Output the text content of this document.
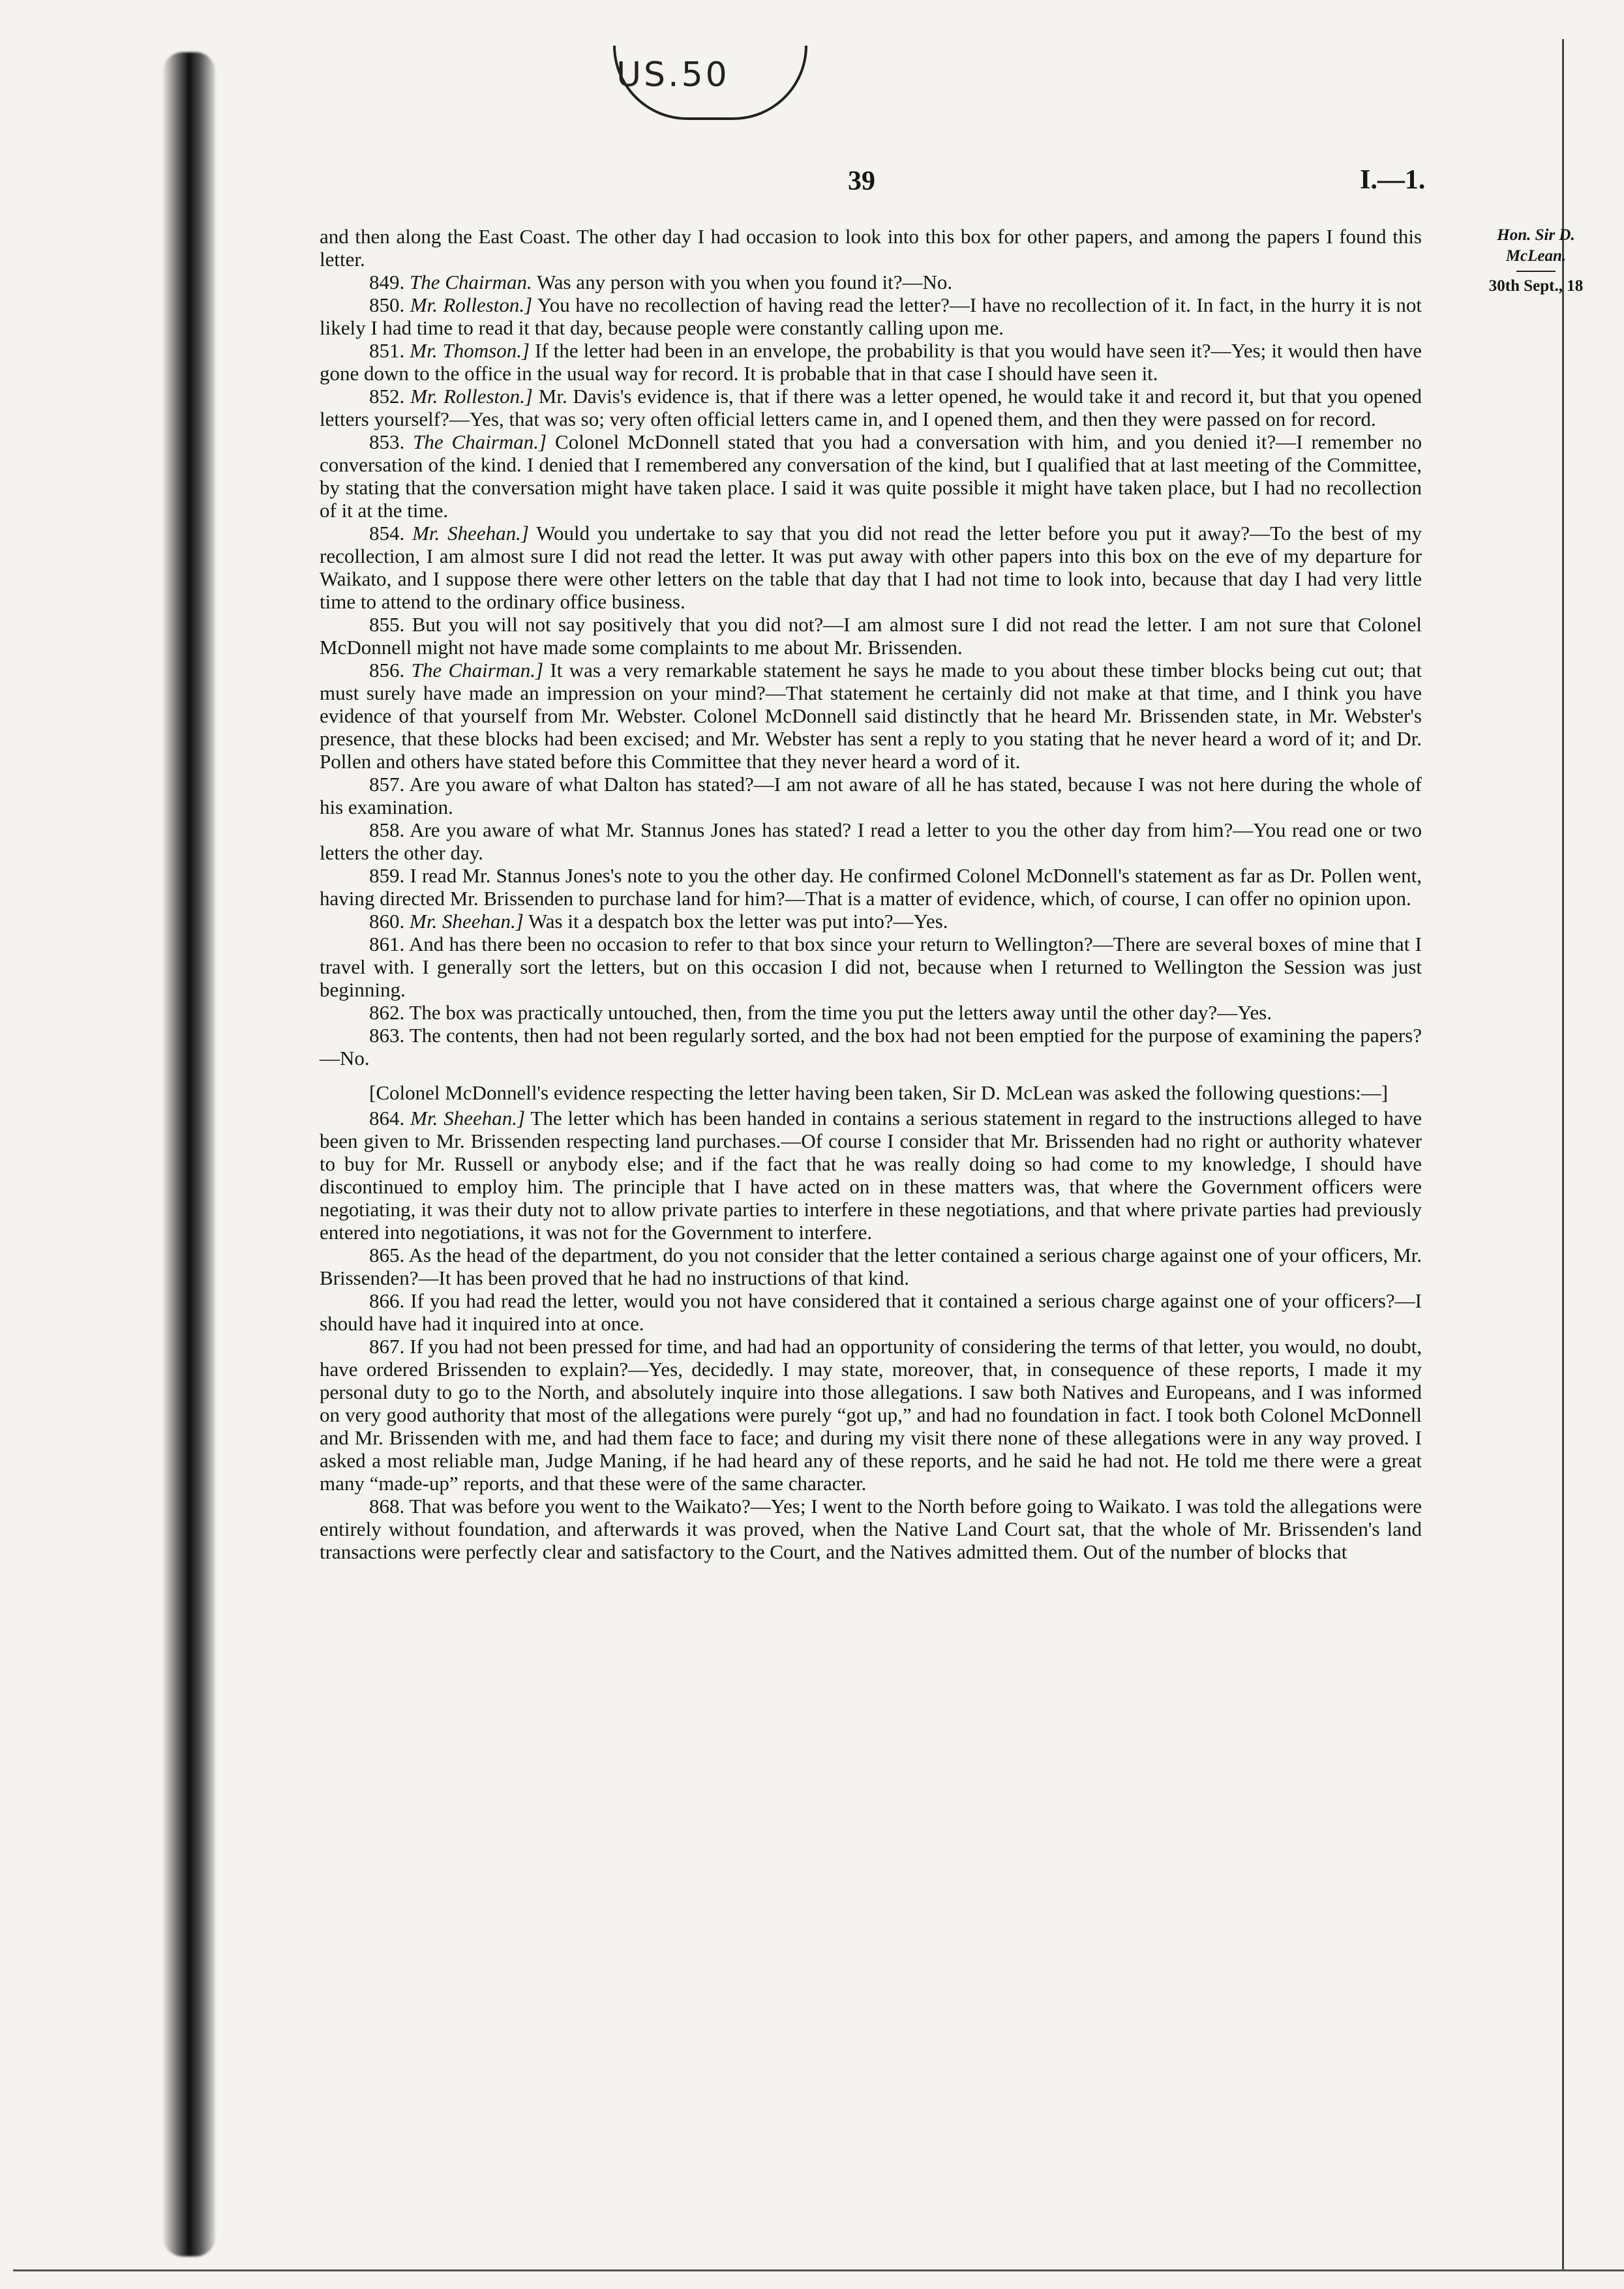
US.50
39	I.—1.
Hon. Sir D.
McLean.
30th Sept., 18

and then along the East Coast. The other day I had occasion to look into this box for other papers, and among the papers I found this letter.

849. The Chairman. Was any person with you when you found it?—No.

850. Mr. Rolleston.] You have no recollection of having read the letter?—I have no recollection of it. In fact, in the hurry it is not likely I had time to read it that day, because people were constantly calling upon me.

851. Mr. Thomson.] If the letter had been in an envelope, the probability is that you would have seen it?—Yes; it would then have gone down to the office in the usual way for record. It is probable that in that case I should have seen it.

852. Mr. Rolleston.] Mr. Davis's evidence is, that if there was a letter opened, he would take it and record it, but that you opened letters yourself?—Yes, that was so; very often official letters came in, and I opened them, and then they were passed on for record.

853. The Chairman.] Colonel McDonnell stated that you had a conversation with him, and you denied it?—I remember no conversation of the kind. I denied that I remembered any conversation of the kind, but I qualified that at last meeting of the Committee, by stating that the conversation might have taken place. I said it was quite possible it might have taken place, but I had no recollection of it at the time.

854. Mr. Sheehan.] Would you undertake to say that you did not read the letter before you put it away?—To the best of my recollection, I am almost sure I did not read the letter. It was put away with other papers into this box on the eve of my departure for Waikato, and I suppose there were other letters on the table that day that I had not time to look into, because that day I had very little time to attend to the ordinary office business.

855. But you will not say positively that you did not?—I am almost sure I did not read the letter. I am not sure that Colonel McDonnell might not have made some complaints to me about Mr. Brissenden.

856. The Chairman.] It was a very remarkable statement he says he made to you about these timber blocks being cut out; that must surely have made an impression on your mind?—That statement he certainly did not make at that time, and I think you have evidence of that yourself from Mr. Webster. Colonel McDonnell said distinctly that he heard Mr. Brissenden state, in Mr. Webster's presence, that these blocks had been excised; and Mr. Webster has sent a reply to you stating that he never heard a word of it; and Dr. Pollen and others have stated before this Committee that they never heard a word of it.

857. Are you aware of what Dalton has stated?—I am not aware of all he has stated, because I was not here during the whole of his examination.

858. Are you aware of what Mr. Stannus Jones has stated? I read a letter to you the other day from him?—You read one or two letters the other day.

859. I read Mr. Stannus Jones's note to you the other day. He confirmed Colonel McDonnell's statement as far as Dr. Pollen went, having directed Mr. Brissenden to purchase land for him?—That is a matter of evidence, which, of course, I can offer no opinion upon.

860. Mr. Sheehan.] Was it a despatch box the letter was put into?—Yes.

861. And has there been no occasion to refer to that box since your return to Wellington?—There are several boxes of mine that I travel with. I generally sort the letters, but on this occasion I did not, because when I returned to Wellington the Session was just beginning.

862. The box was practically untouched, then, from the time you put the letters away until the other day?—Yes.

863. The contents, then had not been regularly sorted, and the box had not been emptied for the purpose of examining the papers?—No.

[Colonel McDonnell's evidence respecting the letter having been taken, Sir D. McLean was asked the following questions:—]

864. Mr. Sheehan.] The letter which has been handed in contains a serious statement in regard to the instructions alleged to have been given to Mr. Brissenden respecting land purchases.—Of course I consider that Mr. Brissenden had no right or authority whatever to buy for Mr. Russell or anybody else; and if the fact that he was really doing so had come to my knowledge, I should have discontinued to employ him. The principle that I have acted on in these matters was, that where the Government officers were negotiating, it was their duty not to allow private parties to interfere in these negotiations, and that where private parties had previously entered into negotiations, it was not for the Government to interfere.

865. As the head of the department, do you not consider that the letter contained a serious charge against one of your officers, Mr. Brissenden?—It has been proved that he had no instructions of that kind.

866. If you had read the letter, would you not have considered that it contained a serious charge against one of your officers?—I should have had it inquired into at once.

867. If you had not been pressed for time, and had had an opportunity of considering the terms of that letter, you would, no doubt, have ordered Brissenden to explain?—Yes, decidedly. I may state, moreover, that, in consequence of these reports, I made it my personal duty to go to the North, and absolutely inquire into those allegations. I saw both Natives and Europeans, and I was informed on very good authority that most of the allegations were purely “got up,” and had no foundation in fact. I took both Colonel McDonnell and Mr. Brissenden with me, and had them face to face; and during my visit there none of these allegations were in any way proved. I asked a most reliable man, Judge Maning, if he had heard any of these reports, and he said he had not. He told me there were a great many “made-up” reports, and that these were of the same character.

868. That was before you went to the Waikato?—Yes; I went to the North before going to Waikato. I was told the allegations were entirely without foundation, and afterwards it was proved, when the Native Land Court sat, that the whole of Mr. Brissenden's land transactions were perfectly clear and satisfactory to the Court, and the Natives admitted them. Out of the number of blocks that
